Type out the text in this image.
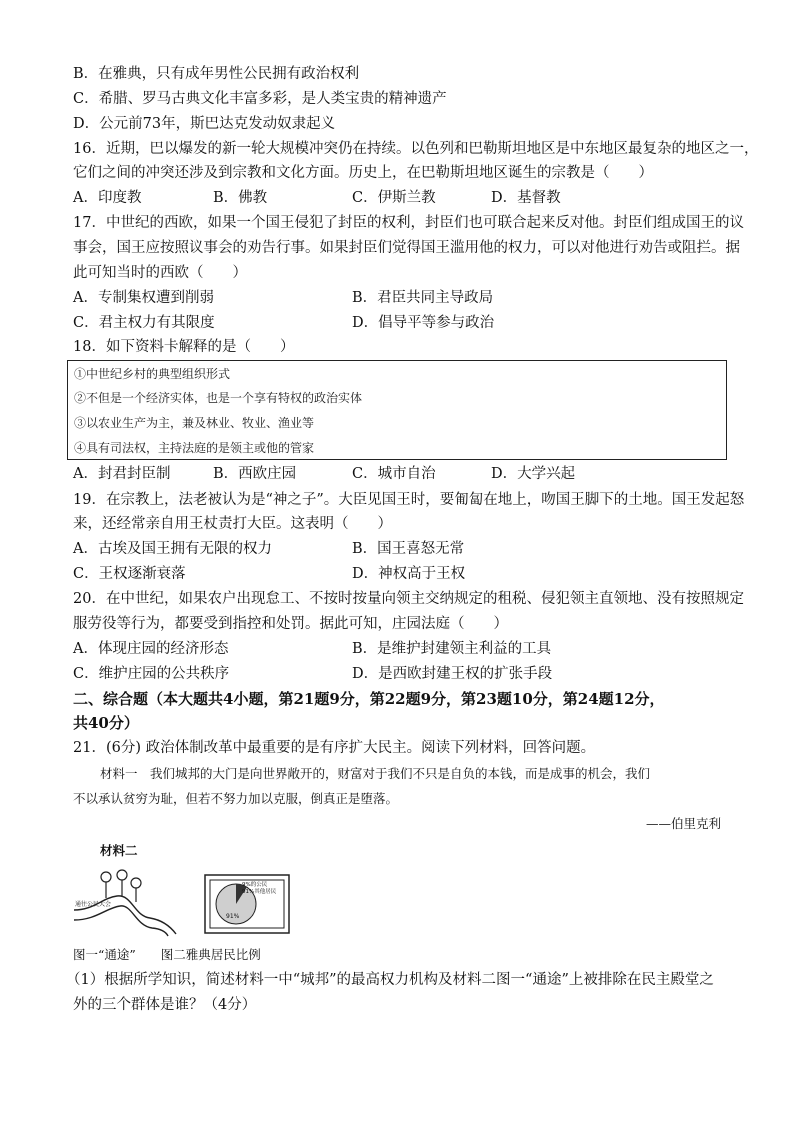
B．在雅典，只有成年男性公民拥有政治权利
C．希腊、罗马古典文化丰富多彩，是人类宝贵的精神遗产
D．公元前73年，斯巴达克发动奴隶起义
16．近期，巴以爆发的新一轮大规模冲突仍在持续。以色列和巴勒斯坦地区是中东地区最复杂的地区之一，
它们之间的冲突还涉及到宗教和文化方面。历史上，在巴勒斯坦地区诞生的宗教是（　　）
A．印度教	B．佛教	C．伊斯兰教	D．基督教
17．中世纪的西欧，如果一个国王侵犯了封臣的权利，封臣们也可联合起来反对他。封臣们组成国王的议
事会，国王应按照议事会的劝告行事。如果封臣们觉得国王滥用他的权力，可以对他进行劝告或阻拦。据
此可知当时的西欧（　　）
A．专制集权遭到削弱	B．君臣共同主导政局
C．君主权力有其限度	D．倡导平等参与政治
18．如下资料卡解释的是（　　）
①中世纪乡村的典型组织形式
②不但是一个经济实体，也是一个享有特权的政治实体
③以农业生产为主，兼及林业、牧业、渔业等
④具有司法权，主持法庭的是领主或他的管家
A．封君封臣制	B．西欧庄园	C．城市自治	D．大学兴起
19．在宗教上，法老被认为是“神之子”。大臣见国王时，要匍匐在地上，吻国王脚下的土地。国王发起怒
来，还经常亲自用王杖责打大臣。这表明（　　）
A．古埃及国王拥有无限的权力	B．国王喜怒无常
C．王权逐渐衰落	D．神权高于王权
20．在中世纪，如果农户出现怠工、不按时按量向领主交纳规定的租税、侵犯领主直领地、没有按照规定
服劳役等行为，都要受到指控和处罚。据此可知，庄园法庭（　　）
A．体现庄园的经济形态	B．是维护封建领主利益的工具
C．维护庄园的公共秩序	D．是西欧封建王权的扩张手段
二、综合题（本大题共4小题，第21题9分，第22题9分，第23题10分，第24题12分，
共40分）
21．(6分) 政治体制改革中最重要的是有序扩大民主。阅读下列材料，回答问题。
材料一　我们城邦的大门是向世界敞开的，财富对于我们不只是自负的本钱，而是成事的机会，我们
不以承认贫穷为耻，但若不努力加以克服，倒真正是堕落。
——伯里克利
材料二
通往公民大会
9%的公民
91%其他居民
91%
图一“通途”　　图二雅典居民比例
（1）根据所学知识，简述材料一中“城邦”的最高权力机构及材料二图一“通途”上被排除在民主殿堂之
外的三个群体是谁？（4分）
